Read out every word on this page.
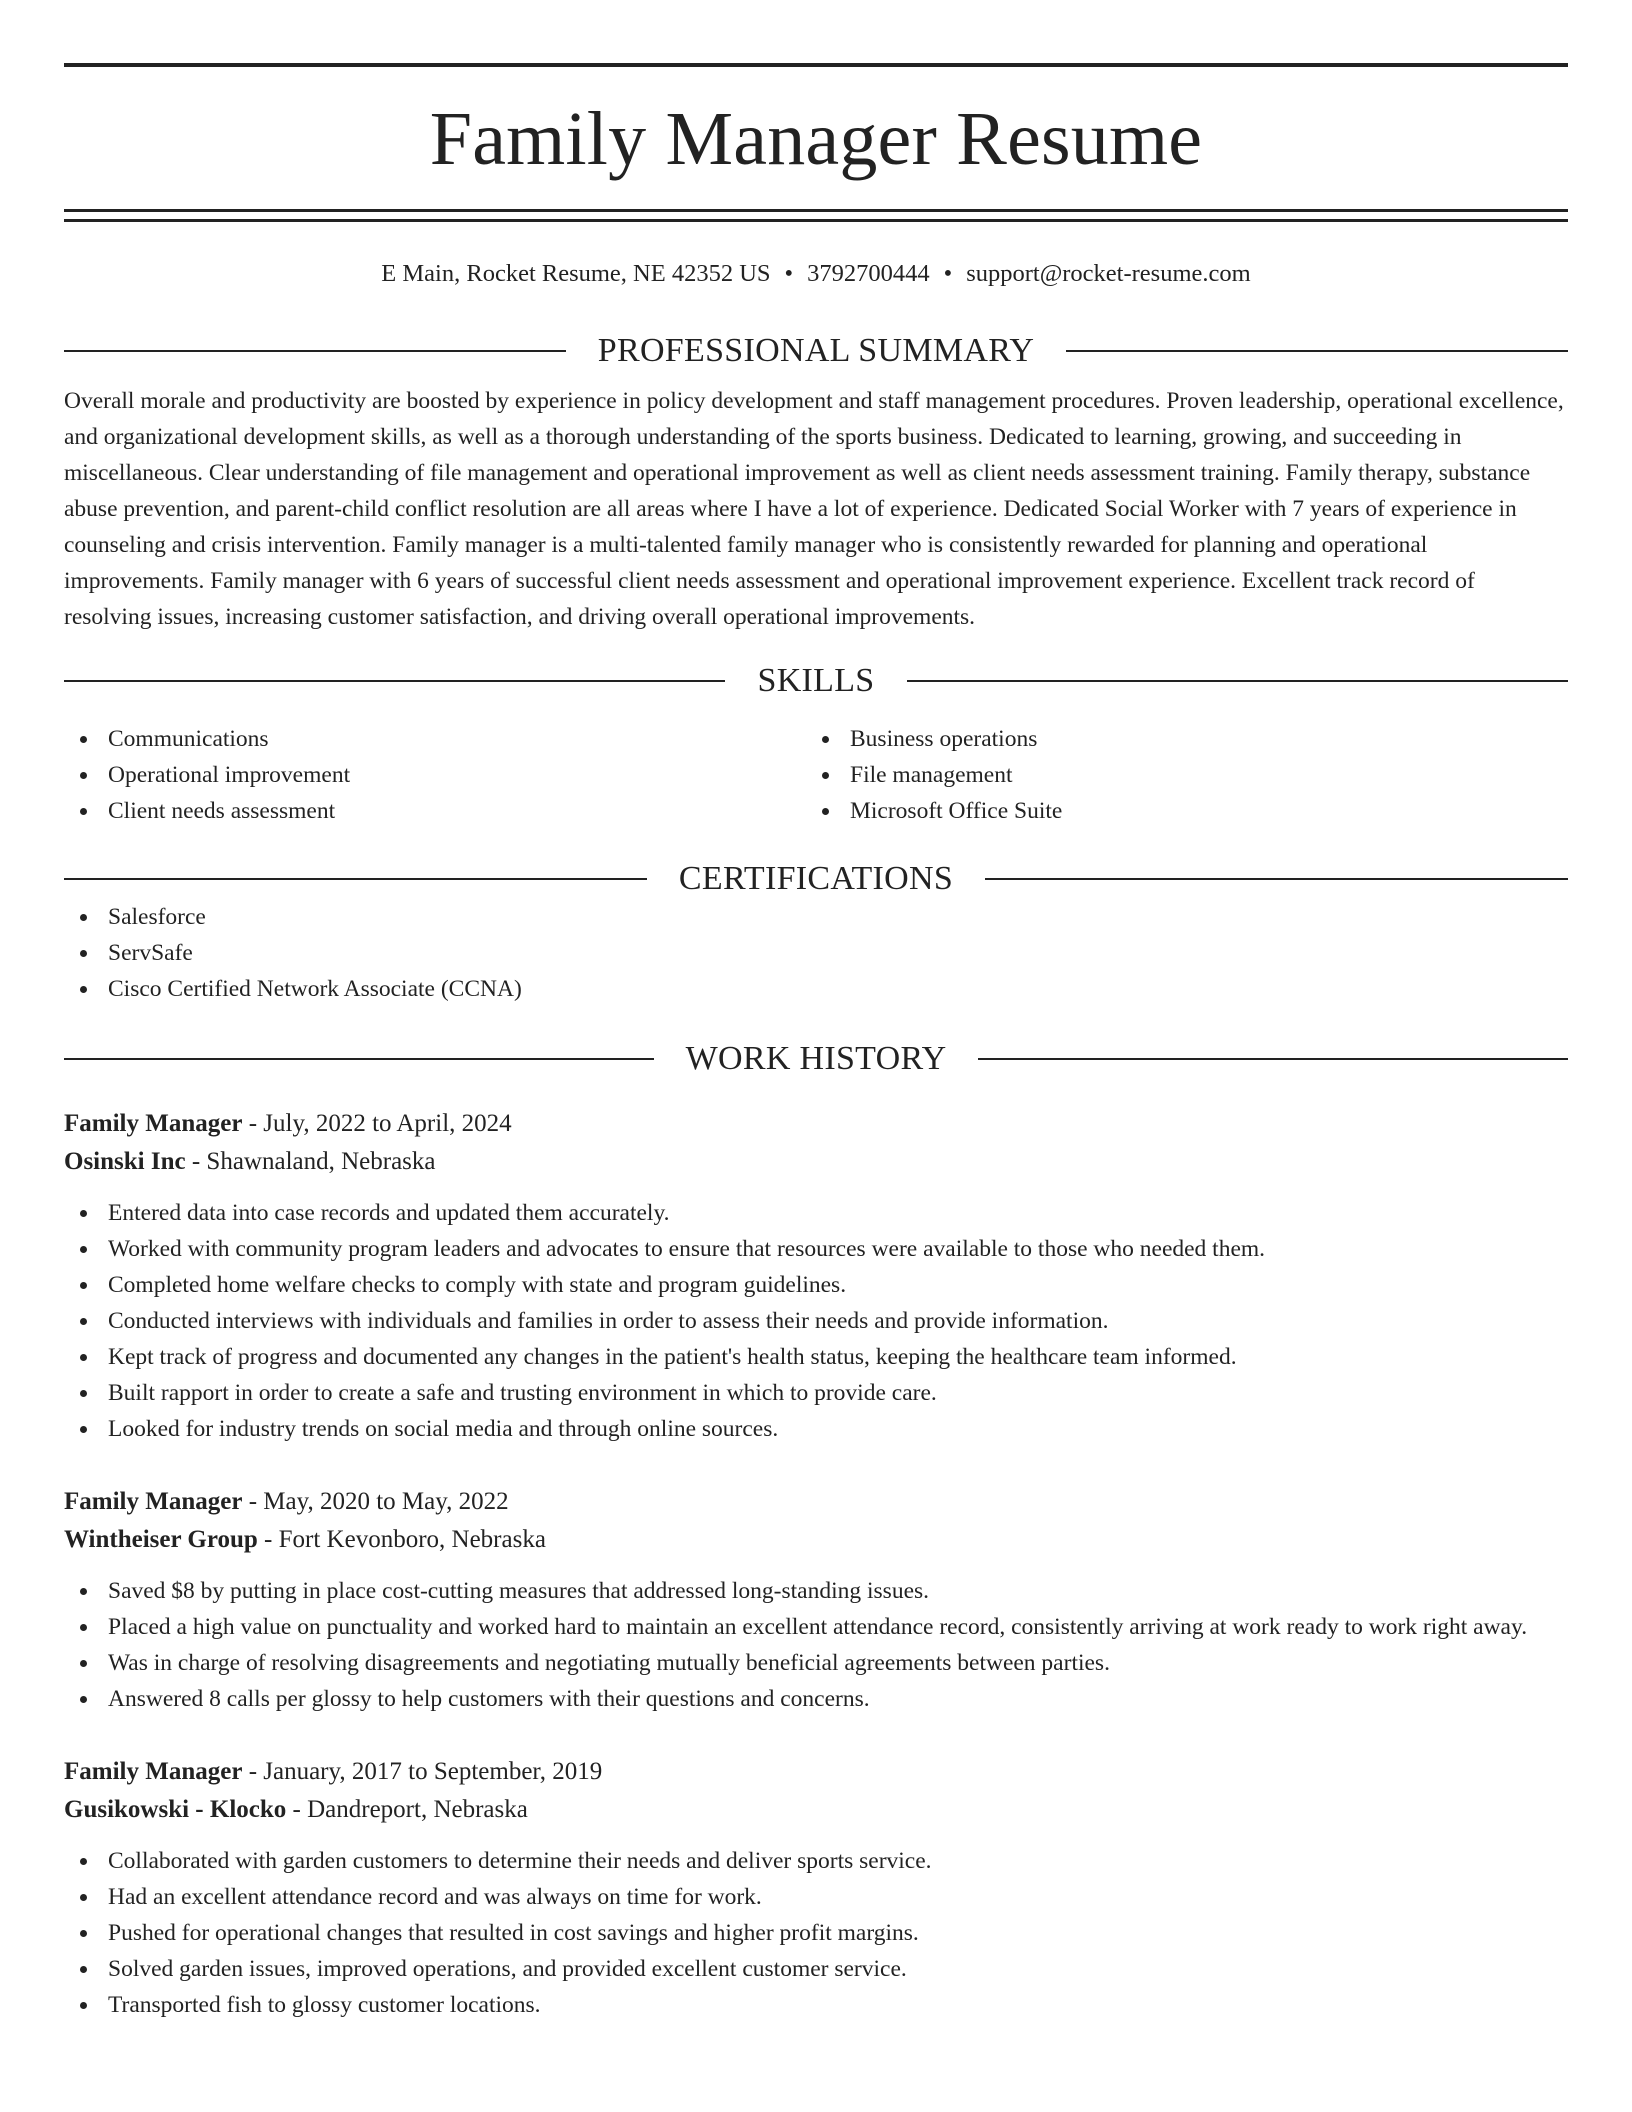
Family Manager Resume
E Main, Rocket Resume, NE 42352 US • 3792700444 • support@rocket-resume.com
PROFESSIONAL SUMMARY
Overall morale and productivity are boosted by experience in policy development and staff management procedures. Proven leadership, operational excellence, and organizational development skills, as well as a thorough understanding of the sports business. Dedicated to learning, growing, and succeeding in miscellaneous. Clear understanding of file management and operational improvement as well as client needs assessment training. Family therapy, substance abuse prevention, and parent-child conflict resolution are all areas where I have a lot of experience. Dedicated Social Worker with 7 years of experience in counseling and crisis intervention. Family manager is a multi-talented family manager who is consistently rewarded for planning and operational improvements. Family manager with 6 years of successful client needs assessment and operational improvement experience. Excellent track record of resolving issues, increasing customer satisfaction, and driving overall operational improvements.
SKILLS
Communications
Operational improvement
Client needs assessment
Business operations
File management
Microsoft Office Suite
CERTIFICATIONS
Salesforce
ServSafe
Cisco Certified Network Associate (CCNA)
WORK HISTORY
Family Manager - July, 2022 to April, 2024
Osinski Inc - Shawnaland, Nebraska
Entered data into case records and updated them accurately.
Worked with community program leaders and advocates to ensure that resources were available to those who needed them.
Completed home welfare checks to comply with state and program guidelines.
Conducted interviews with individuals and families in order to assess their needs and provide information.
Kept track of progress and documented any changes in the patient's health status, keeping the healthcare team informed.
Built rapport in order to create a safe and trusting environment in which to provide care.
Looked for industry trends on social media and through online sources.
Family Manager - May, 2020 to May, 2022
Wintheiser Group - Fort Kevonboro, Nebraska
Saved $8 by putting in place cost-cutting measures that addressed long-standing issues.
Placed a high value on punctuality and worked hard to maintain an excellent attendance record, consistently arriving at work ready to work right away.
Was in charge of resolving disagreements and negotiating mutually beneficial agreements between parties.
Answered 8 calls per glossy to help customers with their questions and concerns.
Family Manager - January, 2017 to September, 2019
Gusikowski - Klocko - Dandreport, Nebraska
Collaborated with garden customers to determine their needs and deliver sports service.
Had an excellent attendance record and was always on time for work.
Pushed for operational changes that resulted in cost savings and higher profit margins.
Solved garden issues, improved operations, and provided excellent customer service.
Transported fish to glossy customer locations.
